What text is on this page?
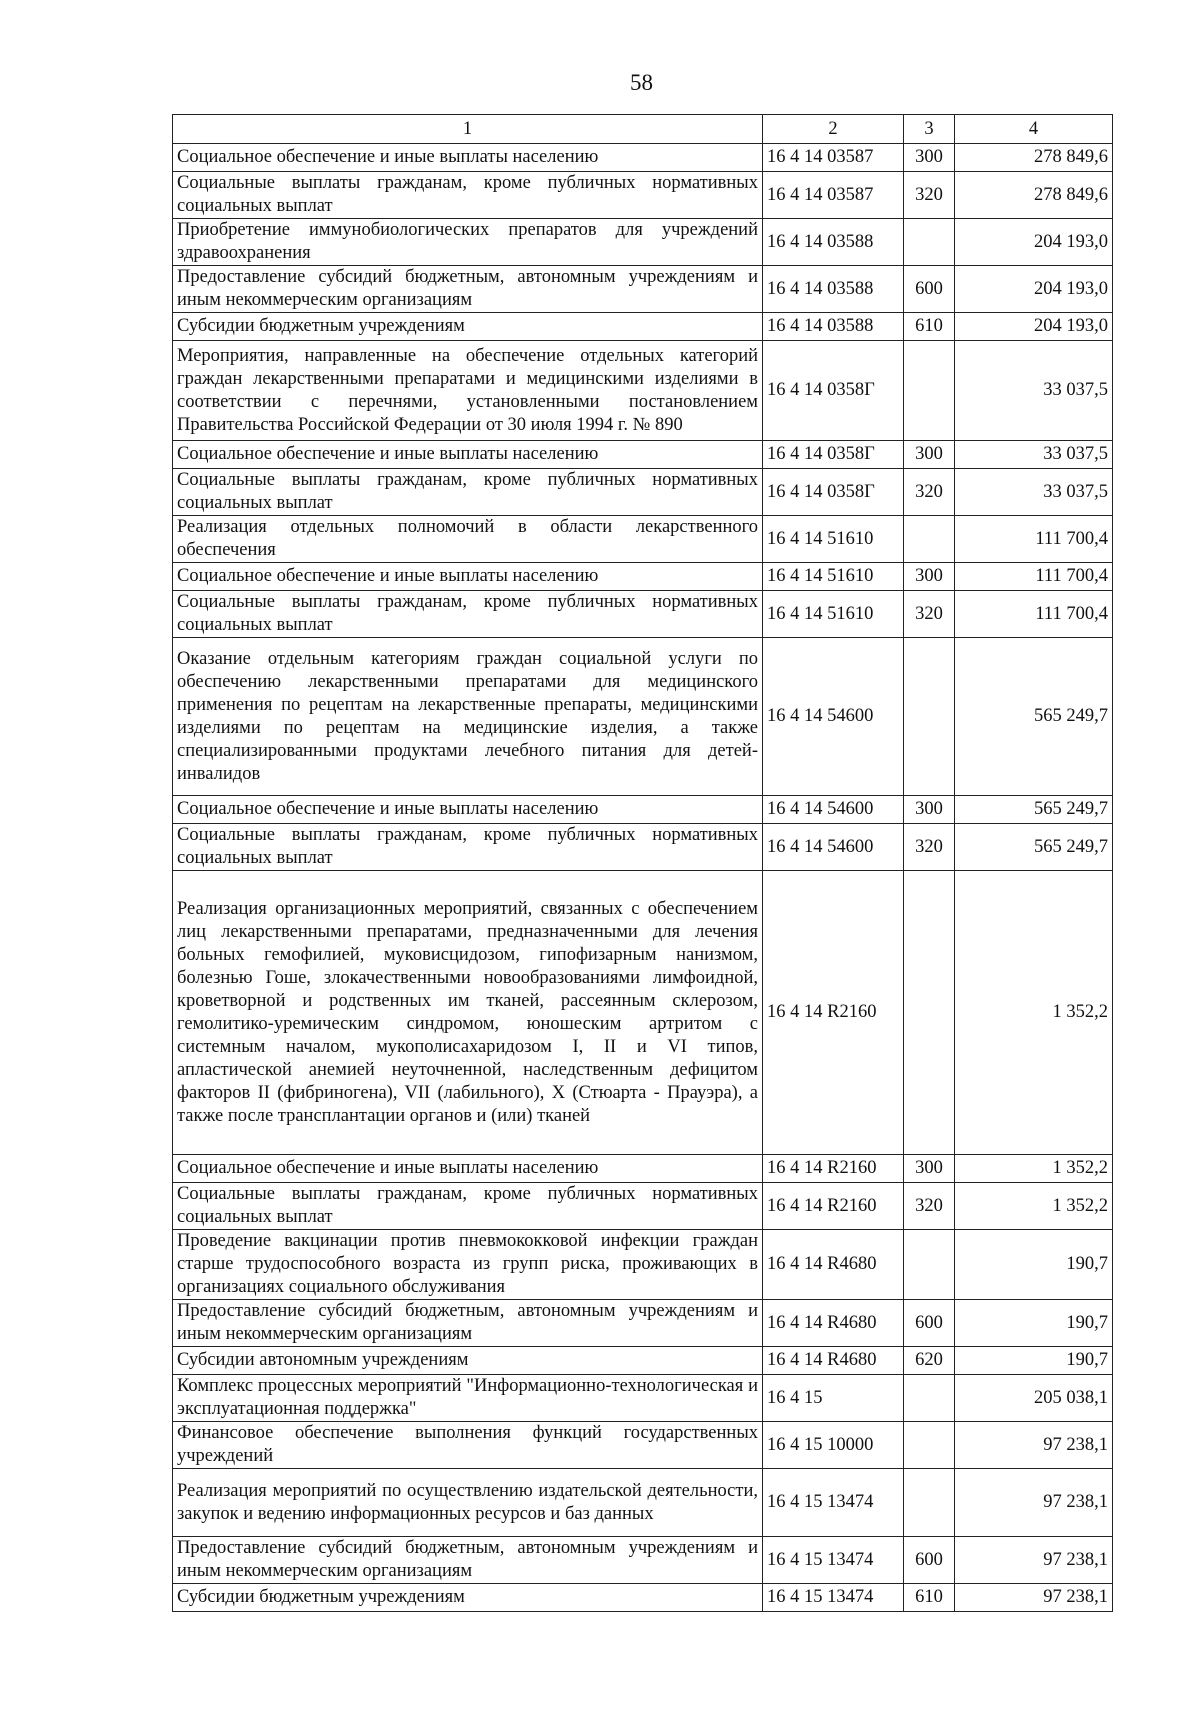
58
1	2	3	4
Социальное обеспечение и иные выплаты населению	16 4 14 03587	300	278 849,6
Социальные выплаты гражданам, кроме публичных нормативных социальных выплат	16 4 14 03587	320	278 849,6
Приобретение иммунобиологических препаратов для учреждений здравоохранения	16 4 14 03588		204 193,0
Предоставление субсидий бюджетным, автономным учреждениям и иным некоммерческим организациям	16 4 14 03588	600	204 193,0
Субсидии бюджетным учреждениям	16 4 14 03588	610	204 193,0
Мероприятия, направленные на обеспечение отдельных категорий граждан лекарственными препаратами и медицинскими изделиями в соответствии с перечнями, установленными постановлением Правительства Российской Федерации от 30 июля 1994 г. № 890	16 4 14 0358Г		33 037,5
Социальное обеспечение и иные выплаты населению	16 4 14 0358Г	300	33 037,5
Социальные выплаты гражданам, кроме публичных нормативных социальных выплат	16 4 14 0358Г	320	33 037,5
Реализация отдельных полномочий в области лекарственного обеспечения	16 4 14 51610		111 700,4
Социальное обеспечение и иные выплаты населению	16 4 14 51610	300	111 700,4
Социальные выплаты гражданам, кроме публичных нормативных социальных выплат	16 4 14 51610	320	111 700,4
Оказание отдельным категориям граждан социальной услуги по обеспечению лекарственными препаратами для медицинского применения по рецептам на лекарственные препараты, медицинскими изделиями по рецептам на медицинские изделия, а также специализированными продуктами лечебного питания для детей-инвалидов	16 4 14 54600		565 249,7
Социальное обеспечение и иные выплаты населению	16 4 14 54600	300	565 249,7
Социальные выплаты гражданам, кроме публичных нормативных социальных выплат	16 4 14 54600	320	565 249,7
Реализация организационных мероприятий, связанных с обеспечением лиц лекарственными препаратами, предназначенными для лечения больных гемофилией, муковисцидозом, гипофизарным нанизмом, болезнью Гоше, злокачественными новообразованиями лимфоидной, кроветворной и родственных им тканей, рассеянным склерозом, гемолитико-уремическим синдромом, юношеским артритом с системным началом, мукополисахаридозом I, II и VI типов, апластической анемией неуточненной, наследственным дефицитом факторов II (фибриногена), VII (лабильного), X (Стюарта - Прауэра), а также после трансплантации органов и (или) тканей	16 4 14 R2160		1 352,2
Социальное обеспечение и иные выплаты населению	16 4 14 R2160	300	1 352,2
Социальные выплаты гражданам, кроме публичных нормативных социальных выплат	16 4 14 R2160	320	1 352,2
Проведение вакцинации против пневмококковой инфекции граждан старше трудоспособного возраста из групп риска, проживающих в организациях социального обслуживания	16 4 14 R4680		190,7
Предоставление субсидий бюджетным, автономным учреждениям и иным некоммерческим организациям	16 4 14 R4680	600	190,7
Субсидии автономным учреждениям	16 4 14 R4680	620	190,7
Комплекс процессных мероприятий "Информационно-технологическая и эксплуатационная поддержка"	16 4 15		205 038,1
Финансовое обеспечение выполнения функций государственных учреждений	16 4 15 10000		97 238,1
Реализация мероприятий по осуществлению издательской деятельности, закупок и ведению информационных ресурсов и баз данных	16 4 15 13474		97 238,1
Предоставление субсидий бюджетным, автономным учреждениям и иным некоммерческим организациям	16 4 15 13474	600	97 238,1
Субсидии бюджетным учреждениям	16 4 15 13474	610	97 238,1
